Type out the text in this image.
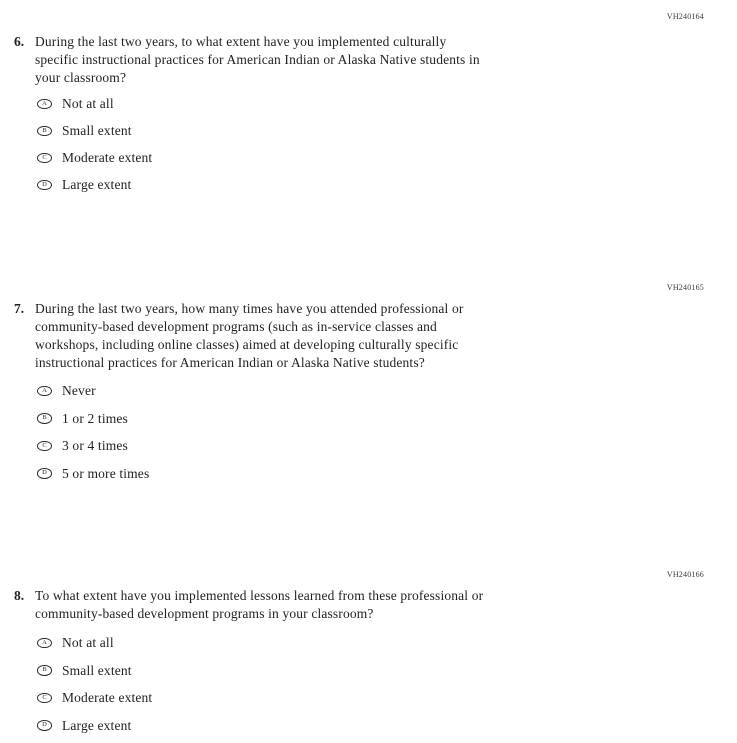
VH240164
6. During the last two years, to what extent have you implemented culturally
specific instructional practices for American Indian or Alaska Native students in
your classroom?
A	Not at all
B	Small extent
C	Moderate extent
D	Large extent
VH240165
7. During the last two years, how many times have you attended professional or
community-based development programs (such as in-service classes and
workshops, including online classes) aimed at developing culturally specific
instructional practices for American Indian or Alaska Native students?
A	Never
B	1 or 2 times
C	3 or 4 times
D	5 or more times
VH240166
8. To what extent have you implemented lessons learned from these professional or
community-based development programs in your classroom?
A	Not at all
B	Small extent
C	Moderate extent
D	Large extent
